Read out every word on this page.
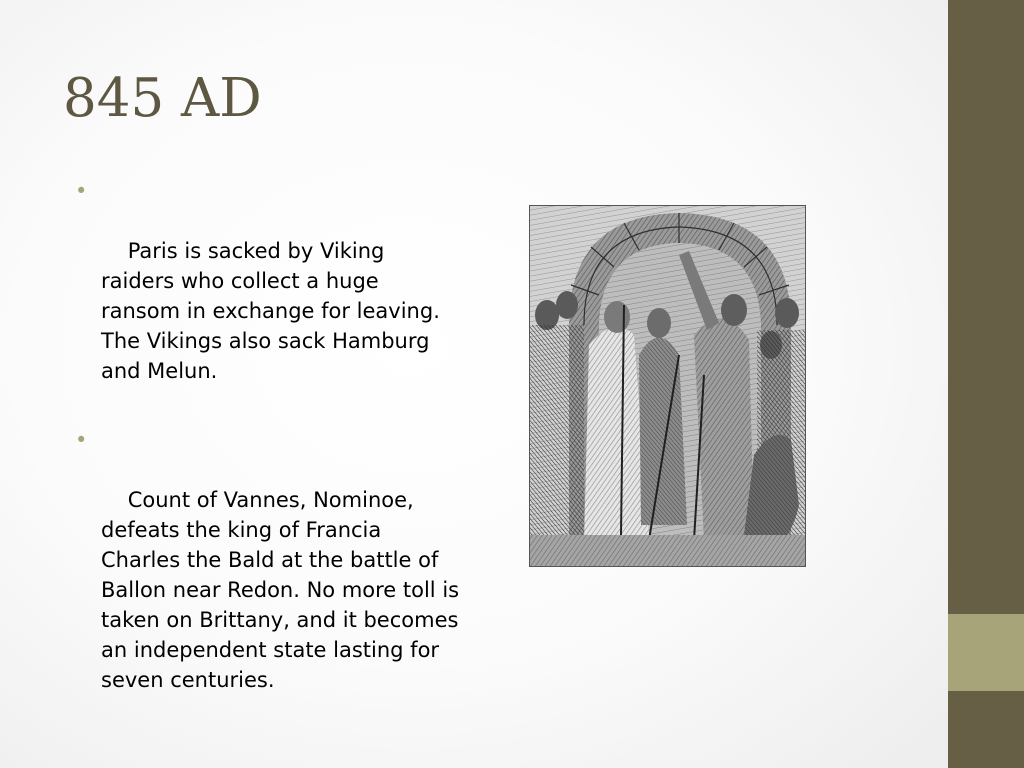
845 AD

•

Paris is sacked by Viking raiders who collect a huge ransom in exchange for leaving.  The Vikings also sack Hamburg and Melun.

•

Count of Vannes, Nominoe, defeats the king of Francia Charles the Bald at the battle of Ballon near Redon. No more toll is taken on Brittany, and it becomes an independent state lasting for seven centuries.
